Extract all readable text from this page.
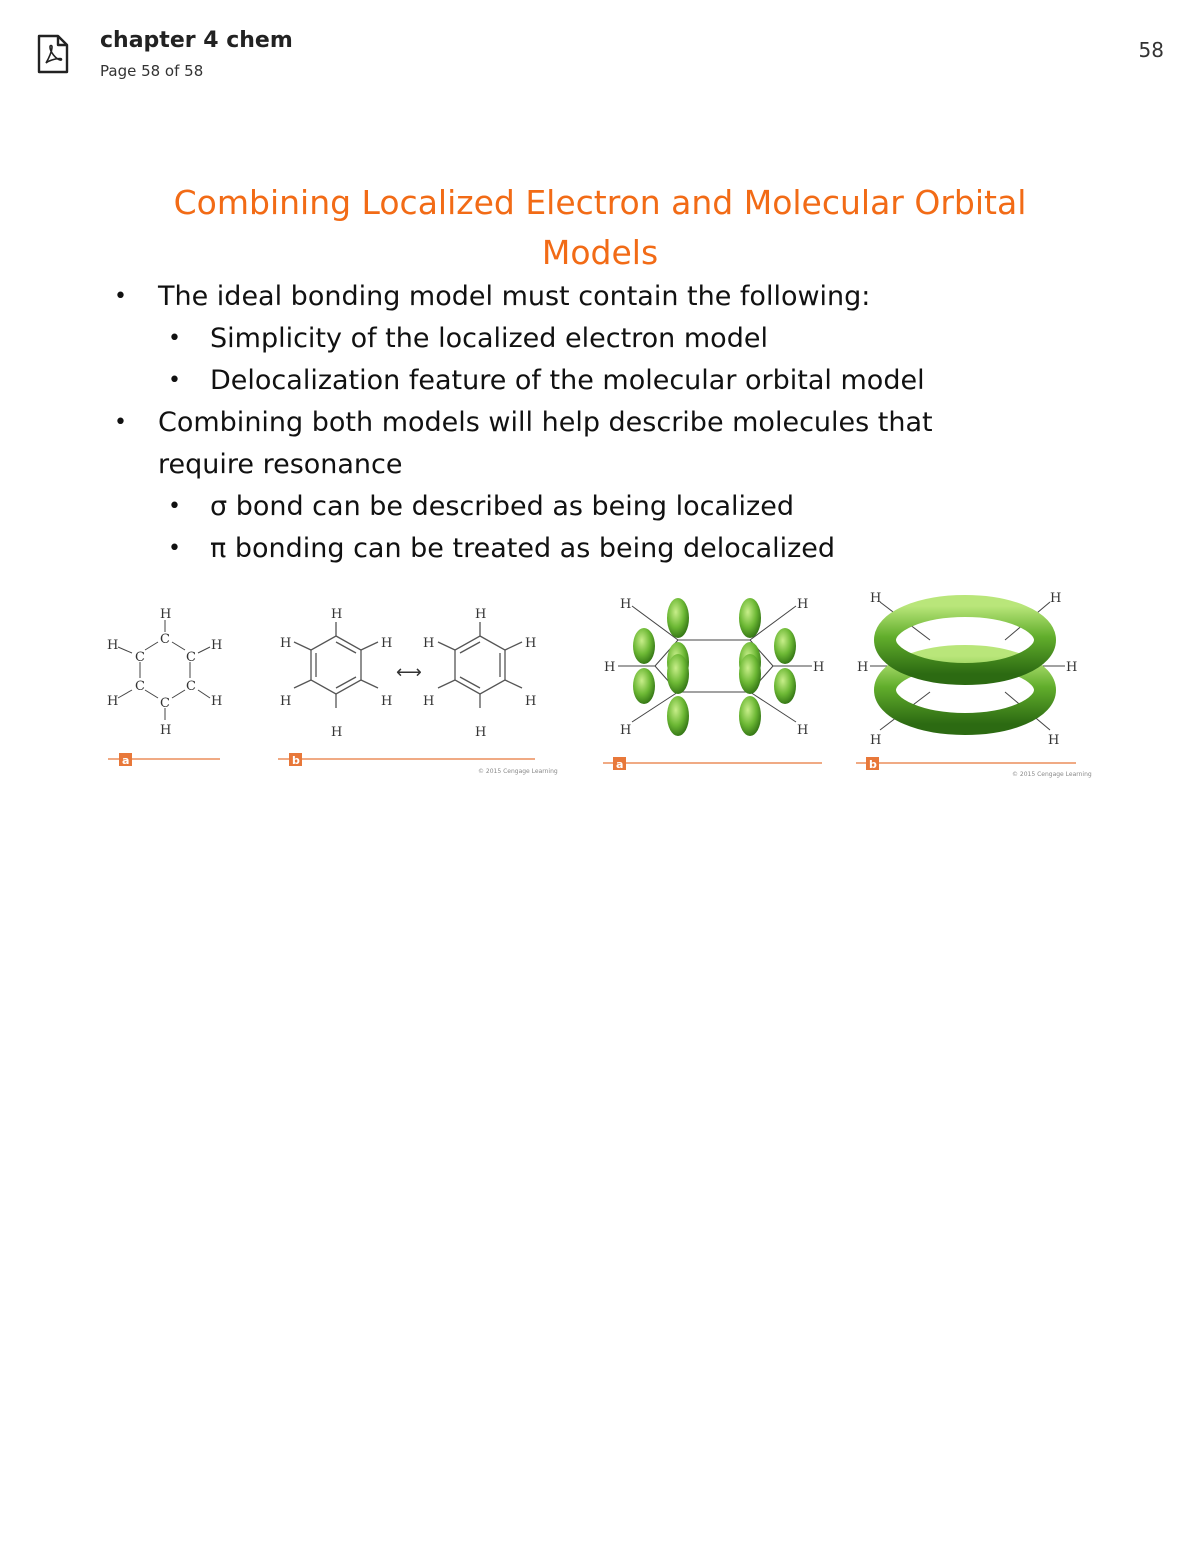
chapter 4 chem
Page 58 of 58
58
Combining Localized Electron and Molecular Orbital
Models
• The ideal bonding model must contain the following:
• Simplicity of the localized electron model
• Delocalization feature of the molecular orbital model
• Combining both models will help describe molecules that
require resonance
• σ bond can be described as being localized
• π bonding can be treated as being delocalized
H
C
C	C
C	C
C
H
H	H
H	H
a
H
H
H	H
H	H
⟷
H
H
H	H
H	H
b
© 2015 Cengage Learning
H	H
H	H
H	H
a
H	H
H	H
H	H
b
© 2015 Cengage Learning
